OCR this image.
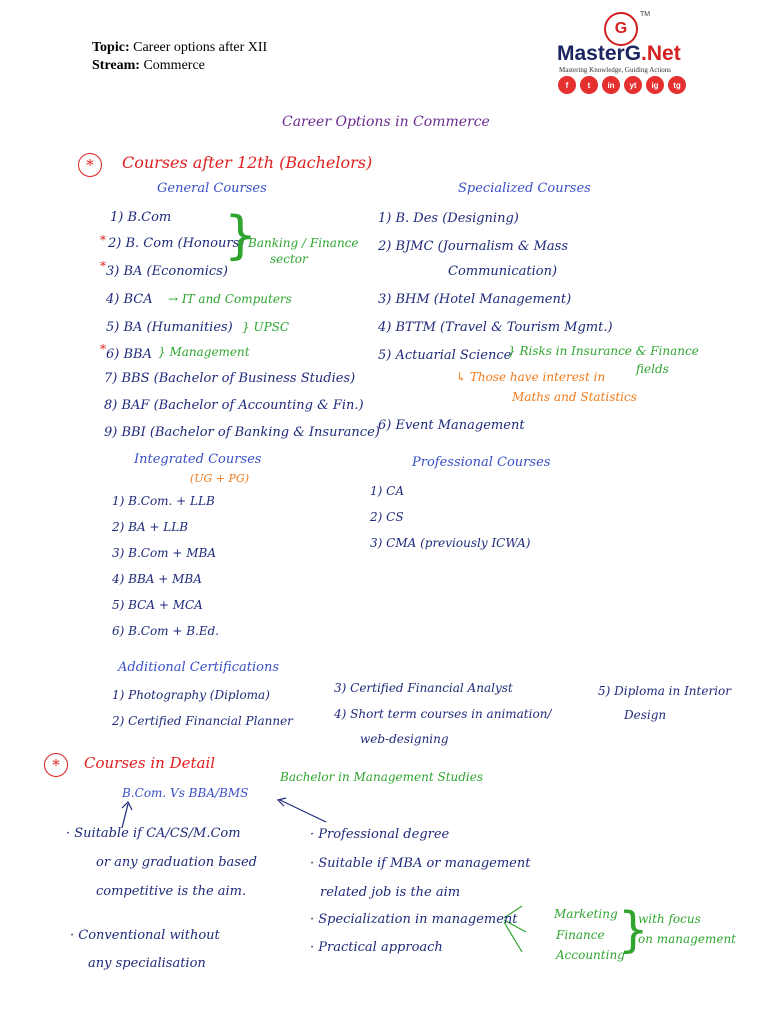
Topic: Career options after XII
Stream: Commerce
G
TM
MasterG.Net
Mastering Knowledge, Guiding Actions
f	t	in	yt	ig	tg
Career Options in Commerce
*	Courses after 12th (Bachelors)
General Courses	Specialized Courses
1) B.Com
* 2) B. Com (Honours)
* 3) BA (Economics)
}
Banking / Finance
sector
4) BCA → IT and Computers
5) BA (Humanities) } UPSC
* 6) BBA } Management
7) BBS (Bachelor of Business Studies)
8) BAF (Bachelor of Accounting & Fin.)
9) BBI (Bachelor of Banking & Insurance)
1) B. Des (Designing)
2) BJMC (Journalism & Mass
Communication)
3) BHM (Hotel Management)
4) BTTM (Travel & Tourism Mgmt.)
5) Actuarial Science
} Risks in Insurance & Finance
fields
↳ Those have interest in
Maths and Statistics
6) Event Management
Integrated Courses
(UG + PG)
1) B.Com. + LLB
2) BA + LLB
3) B.Com + MBA
4) BBA + MBA
5) BCA + MCA
6) B.Com + B.Ed.
Professional Courses
1) CA
2) CS
3) CMA (previously ICWA)
Additional Certifications
1) Photography (Diploma)
2) Certified Financial Planner
3) Certified Financial Analyst
4) Short term courses in animation/
web-designing
5) Diploma in Interior
Design
*	Courses in Detail
Bachelor in Management Studies
B.Com. Vs BBA/BMS
· Suitable if CA/CS/M.Com
or any graduation based
competitive is the aim.
· Conventional without
any specialisation
· Professional degree
· Suitable if MBA or management
related job is the aim
· Specialization in management
· Practical approach
Marketing
Finance
Accounting
}
with focus
on management
